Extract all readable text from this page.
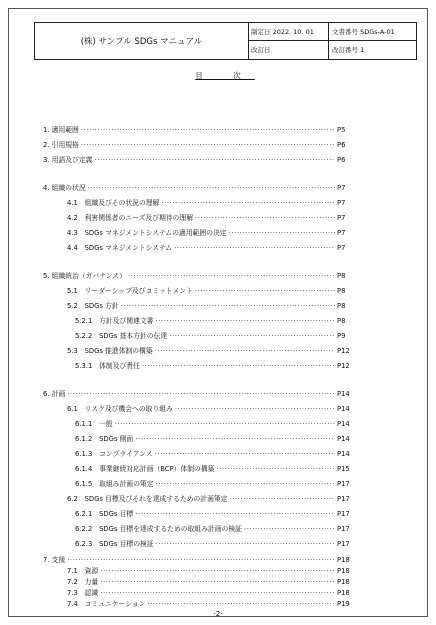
(株) サンプル SDGs マニュアル
制定日 2022. 10. 01	文書番号 SDGs-A-01
改訂日	改訂番号 1
目 次
1. 適用範囲 ·····	P5
2. 引用規格 ·····	P6
3. 用語及び定義 ·····	P6
4. 組織の状況 ·····	P7
4.1　組織及びその状況の理解 ·····	P7
4.2　利害関係者のニーズ及び期待の理解 ·····	P7
4.3　SDGs マネジメントシステムの適用範囲の決定 ·····	P7
4.4　SDGs マネジメントシステム ·····	P7
5. 組織統治（ガバナンス） ·····	P8
5.1　リーダーシップ及びコミットメント ·····	P8
5.2　SDGs 方針 ·····	P8
5.2.1　方針及び関連文書 ·····	P8
5.2.2　SDGs 基本方針の伝達 ·····	P9
5.3　SDGs 推進体制の構築 ·····	P12
5.3.1　体制及び責任 ·····	P12
6. 計画 ·····	P14
6.1　リスク及び機会への取り組み ·····	P14
6.1.1　一般 ·····	P14
6.1.2　SDGs 側面 ·····	P14
6.1.3　コンプライアンス ·····	P14
6.1.4　事業継続対応計画（BCP）体制の構築 ·····	P15
6.1.5　取組み計画の策定 ·····	P17
6.2　SDGs 目標及びそれを達成するための計画策定 ·····	P17
6.2.1　SDGs 目標 ·····	P17
6.2.2　SDGs 目標を達成するための取組み計画の検証 ·····	P17
6.2.3　SDGs 目標の検証 ·····	P17
7. 支援 ·····	P18
7.1　資源 ·····	P18
7.2　力量 ·····	P18
7.3　認識 ·····	P18
7.4　コミュニケーション ·····	P19
-2-
